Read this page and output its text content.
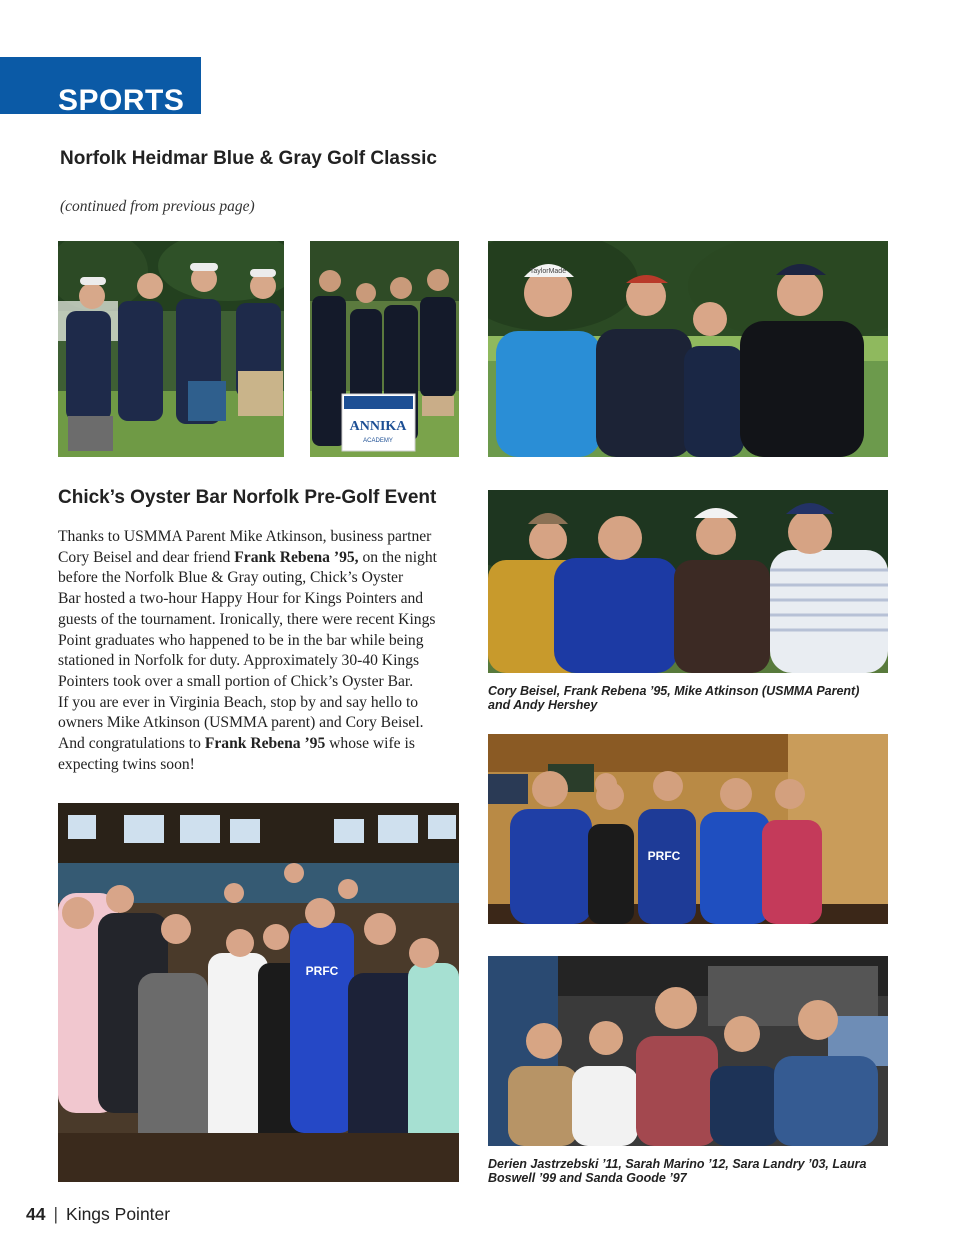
SPORTS
Norfolk Heidmar Blue & Gray Golf Classic

(continued from previous page)

ANNIKA
ACADEMY
TaylorMade
Chick’s Oyster Bar Norfolk Pre-Golf Event

Thanks to USMMA Parent Mike Atkinson, business partner
Cory Beisel and dear friend Frank Rebena ’95, on the night
before the Norfolk Blue & Gray outing, Chick’s Oyster
Bar hosted a two-hour Happy Hour for Kings Pointers and
guests of the tournament. Ironically, there were recent Kings
Point graduates who happened to be in the bar while being
stationed in Norfolk for duty. Approximately 30-40 Kings
Pointers took over a small portion of Chick’s Oyster Bar.
If you are ever in Virginia Beach, stop by and say hello to
owners Mike Atkinson (USMMA parent) and Cory Beisel.
And congratulations to Frank Rebena ’95 whose wife is
expecting twins soon!

Cory Beisel, Frank Rebena ’95, Mike Atkinson (USMMA Parent)
and Andy Hershey

PRFC
PRFC

Derien Jastrzebski ’11, Sarah Marino ’12, Sara Landry ’03, Laura
Boswell ’99 and Sanda Goode ’97

44 | Kings Pointer
